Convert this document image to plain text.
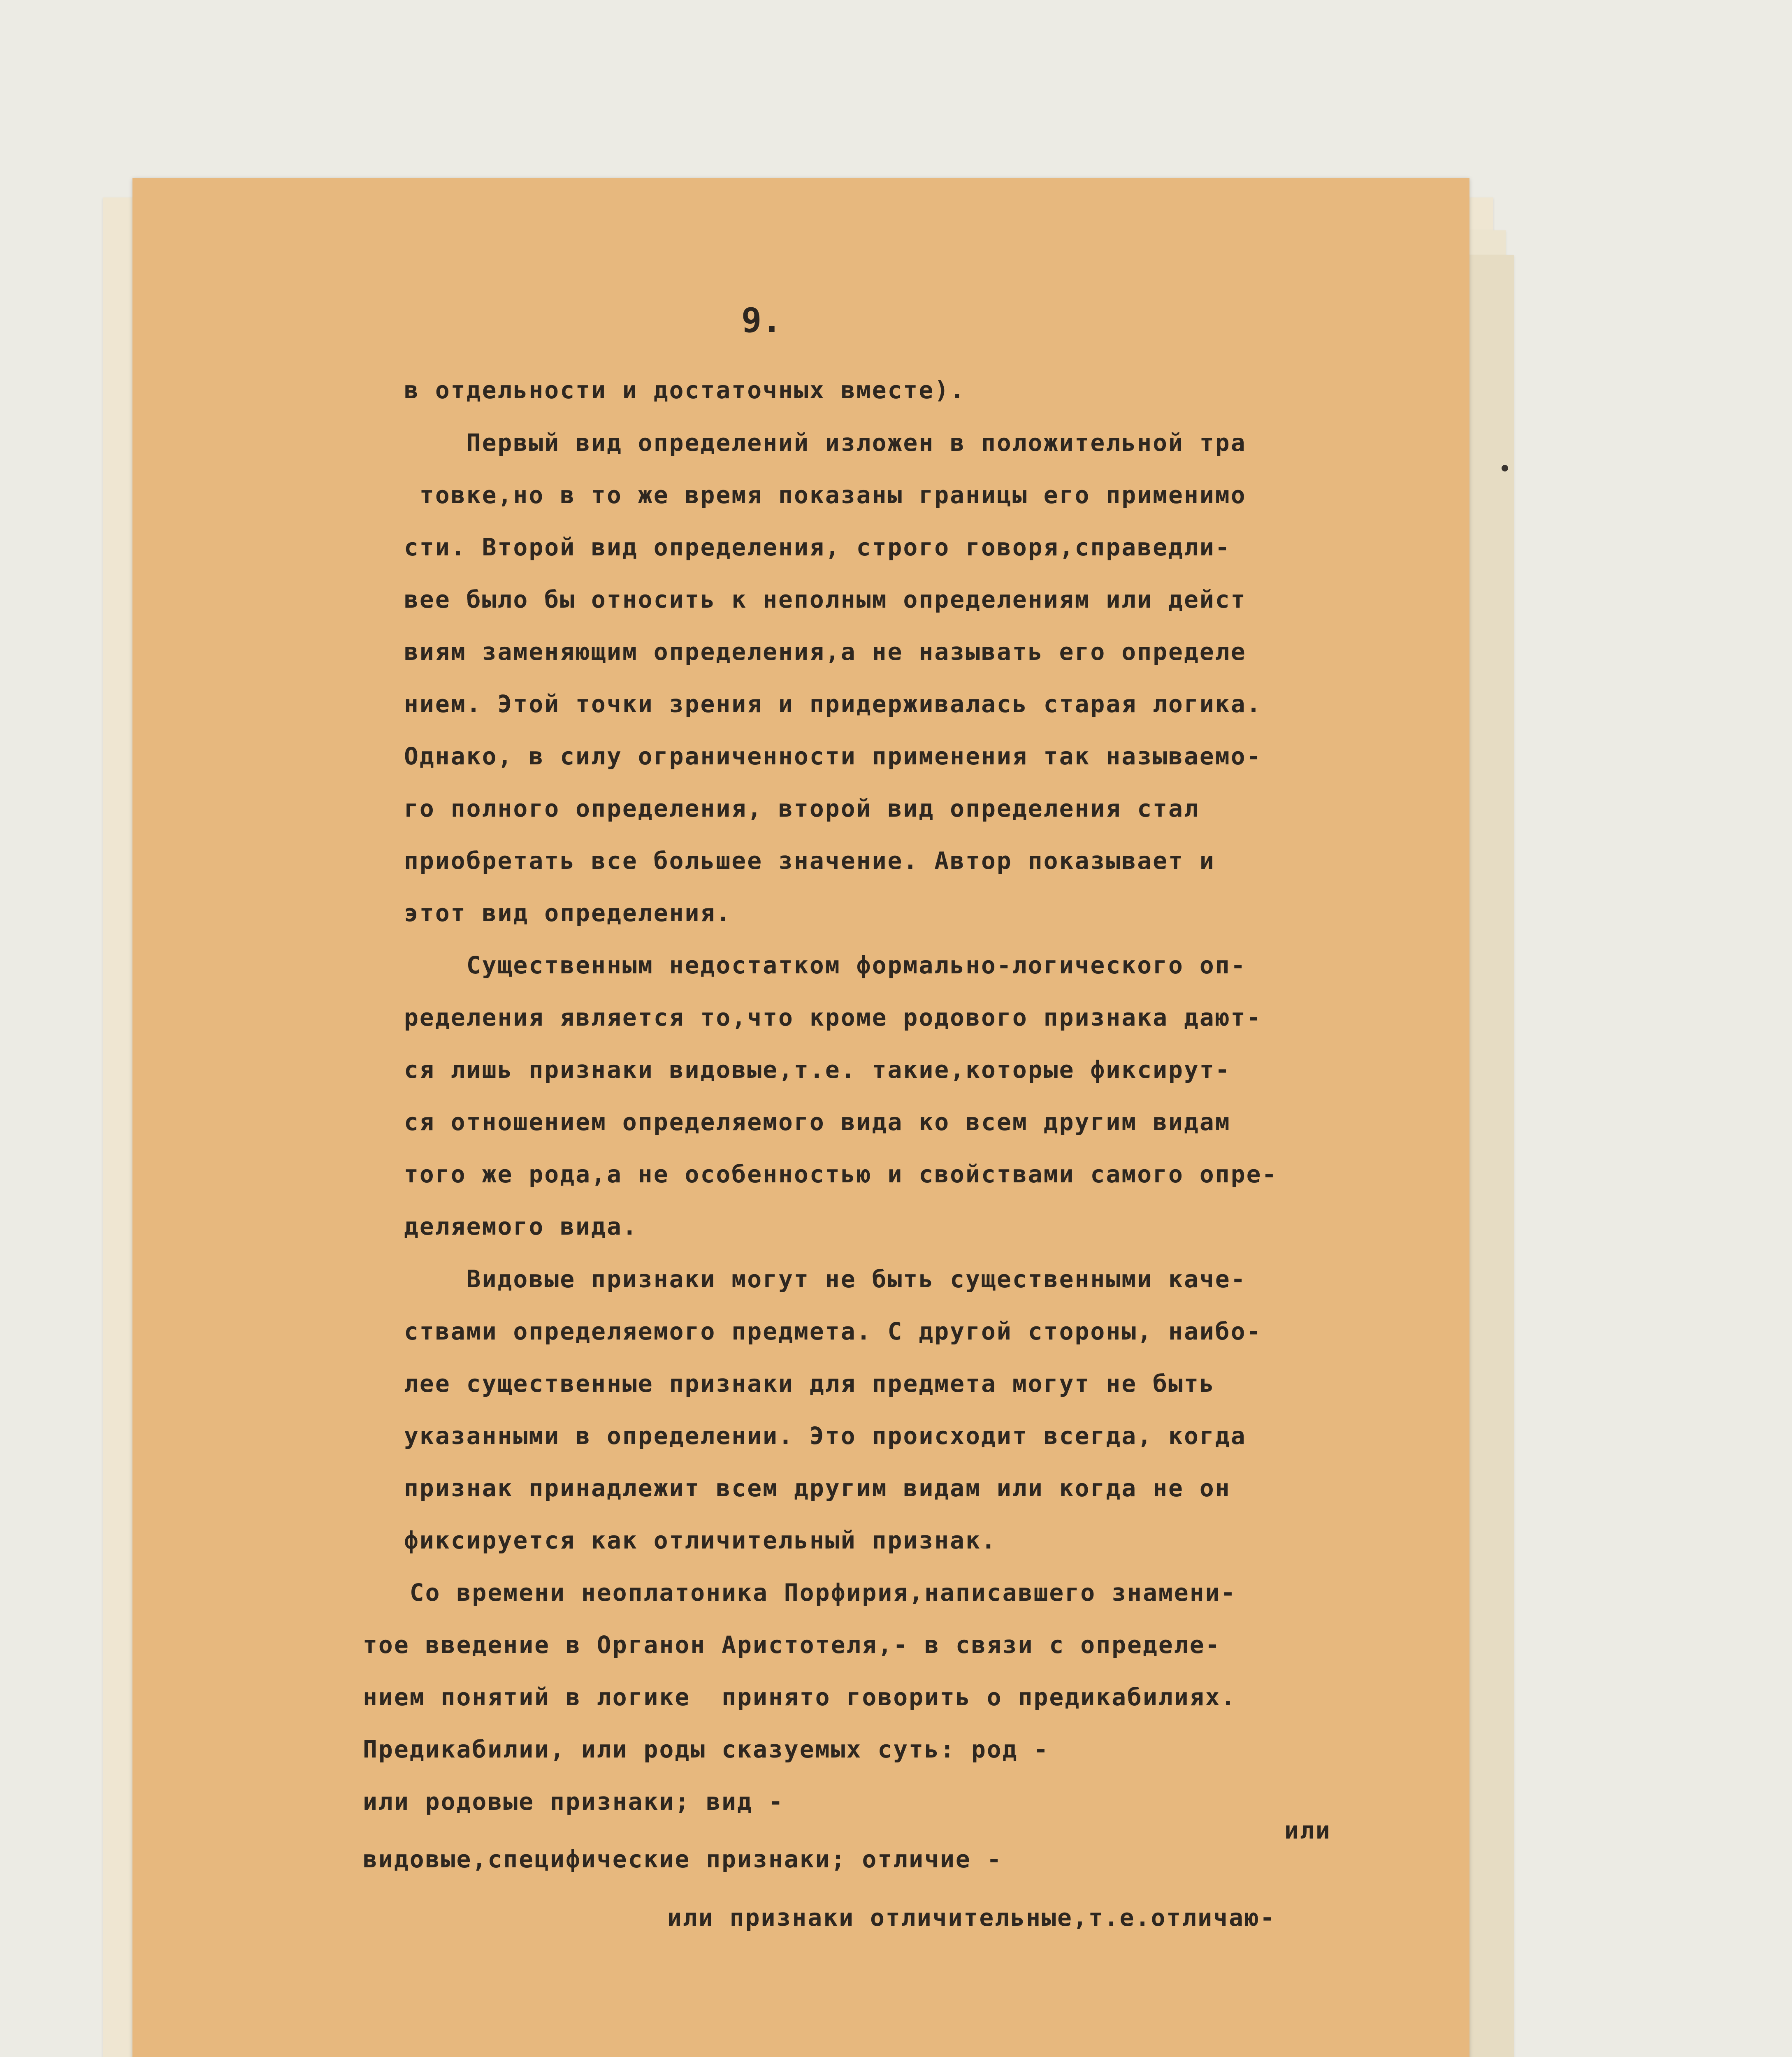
9.
в отдельности и достаточных вместе).
Первый вид определений изложен в положительной тра
товке,но в то же время показаны границы его применимо
сти. Второй вид определения, строго говоря,справедли-
вее было бы относить к неполным определениям или дейст
виям заменяющим определения,а не называть его определе
нием. Этой точки зрения и придерживалась старая логика.
Однако, в силу ограниченности применения так называемо-
го полного определения, второй вид определения стал
приобретать все большее значение. Автор показывает и
этот вид определения.
Существенным недостатком формально-логического оп-
ределения является то,что кроме родового признака дают-
ся лишь признаки видовые,т.е. такие,которые фиксирут-
ся отношением определяемого вида ко всем другим видам
того же рода,а не особенностью и свойствами самого опре-
деляемого вида.
Видовые признаки могут не быть существенными каче-
ствами определяемого предмета. С другой стороны, наибо-
лее существенные признаки для предмета могут не быть
указанными в определении. Это происходит всегда, когда
признак принадлежит всем другим видам или когда не он
фиксируется как отличительный признак.
Со времени неоплатоника Порфирия,написавшего знамени-
тое введение в Органон Аристотеля,- в связи с определе-
нием понятий в логике  принято говорить о предикабилиях.
Предикабилии, или роды сказуемых суть: род -
или родовые признаки; вид -
или
видовые,специфические признаки; отличие -
или признаки отличительные,т.е.отличаю-
